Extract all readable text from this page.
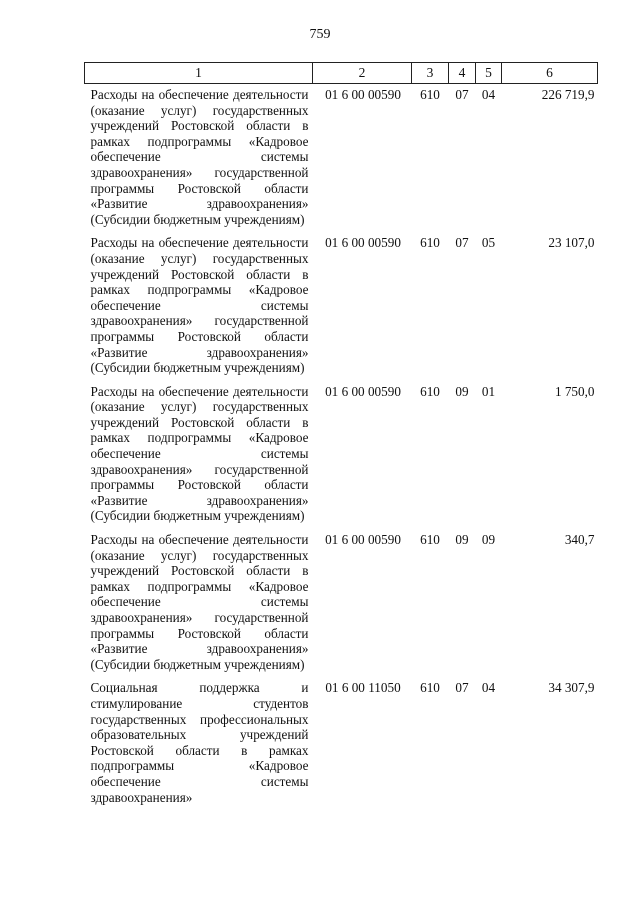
759
1	2	3	4	5	6
Расходы на обеспечение деятельности (оказание услуг) государственных учреждений Ростовской области в рамках подпрограммы «Кадровое обеспечение системы здравоохранения» государственной программы Ростовской области «Развитие здравоохранения» (Субсидии бюджетным учреждениям)	01 6 00 00590	610	07	04	226 719,9
Расходы на обеспечение деятельности (оказание услуг) государственных учреждений Ростовской области в рамках подпрограммы «Кадровое обеспечение системы здравоохранения» государственной программы Ростовской области «Развитие здравоохранения» (Субсидии бюджетным учреждениям)	01 6 00 00590	610	07	05	23 107,0
Расходы на обеспечение деятельности (оказание услуг) государственных учреждений Ростовской области в рамках подпрограммы «Кадровое обеспечение системы здравоохранения» государственной программы Ростовской области «Развитие здравоохранения» (Субсидии бюджетным учреждениям)	01 6 00 00590	610	09	01	1 750,0
Расходы на обеспечение деятельности (оказание услуг) государственных учреждений Ростовской области в рамках подпрограммы «Кадровое обеспечение системы здравоохранения» государственной программы Ростовской области «Развитие здравоохранения» (Субсидии бюджетным учреждениям)	01 6 00 00590	610	09	09	340,7
Социальная поддержка и стимулирование студентов государственных профессиональных образовательных учреждений Ростовской области в рамках подпрограммы «Кадровое обеспечение системы здравоохранения»	01 6 00 11050	610	07	04	34 307,9
